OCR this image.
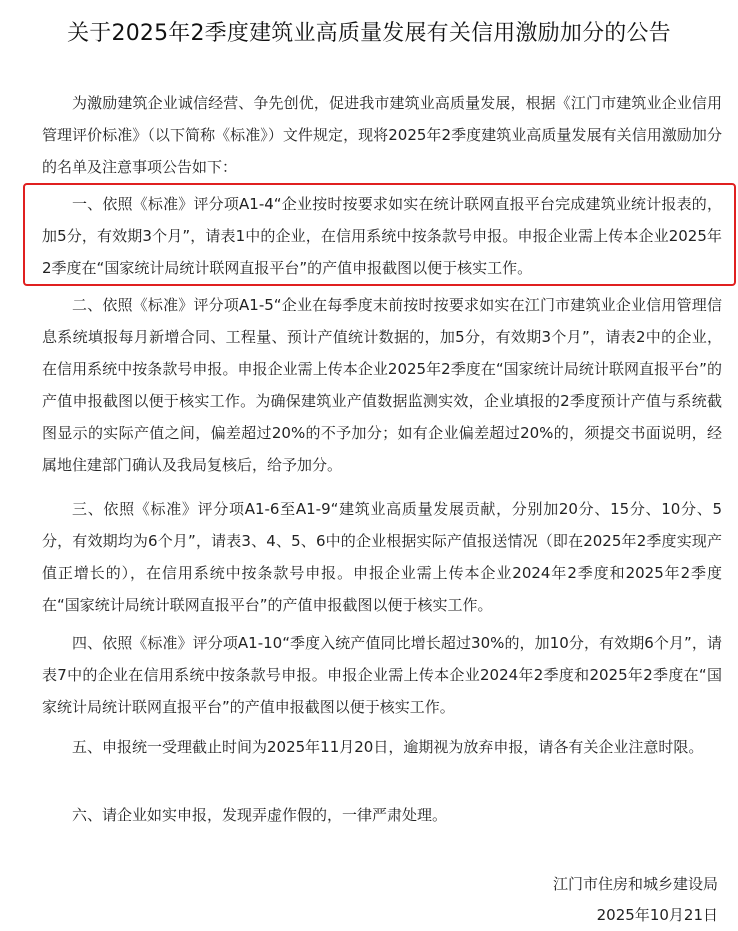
关于2025年2季度建筑业高质量发展有关信用激励加分的公告

为激励建筑企业诚信经营、争先创优，促进我市建筑业高质量发展，根据《江门市建筑业企业信用管理评价标准》（以下简称《标准》）文件规定，现将2025年2季度建筑业高质量发展有关信用激励加分的名单及注意事项公告如下：

一、依照《标准》评分项A1-4“企业按时按要求如实在统计联网直报平台完成建筑业统计报表的，加5分，有效期3个月”，请表1中的企业，在信用系统中按条款号申报。申报企业需上传本企业2025年2季度在“国家统计局统计联网直报平台”的产值申报截图以便于核实工作。

二、依照《标准》评分项A1-5“企业在每季度末前按时按要求如实在江门市建筑业企业信用管理信息系统填报每月新增合同、工程量、预计产值统计数据的，加5分，有效期3个月”，请表2中的企业，在信用系统中按条款号申报。申报企业需上传本企业2025年2季度在“国家统计局统计联网直报平台”的产值申报截图以便于核实工作。为确保建筑业产值数据监测实效，企业填报的2季度预计产值与系统截图显示的实际产值之间，偏差超过20%的不予加分；如有企业偏差超过20%的，须提交书面说明，经属地住建部门确认及我局复核后，给予加分。

三、依照《标准》评分项A1-6至A1-9“建筑业高质量发展贡献，分别加20分、15分、10分、5分，有效期均为6个月”，请表3、4、5、6中的企业根据实际产值报送情况（即在2025年2季度实现产值正增长的），在信用系统中按条款号申报。申报企业需上传本企业2024年2季度和2025年2季度在“国家统计局统计联网直报平台”的产值申报截图以便于核实工作。

四、依照《标准》评分项A1-10“季度入统产值同比增长超过30%的，加10分，有效期6个月”，请表7中的企业在信用系统中按条款号申报。申报企业需上传本企业2024年2季度和2025年2季度在“国家统计局统计联网直报平台”的产值申报截图以便于核实工作。

五、申报统一受理截止时间为2025年11月20日，逾期视为放弃申报，请各有关企业注意时限。

六、请企业如实申报，发现弄虚作假的，一律严肃处理。

江门市住房和城乡建设局
2025年10月21日
